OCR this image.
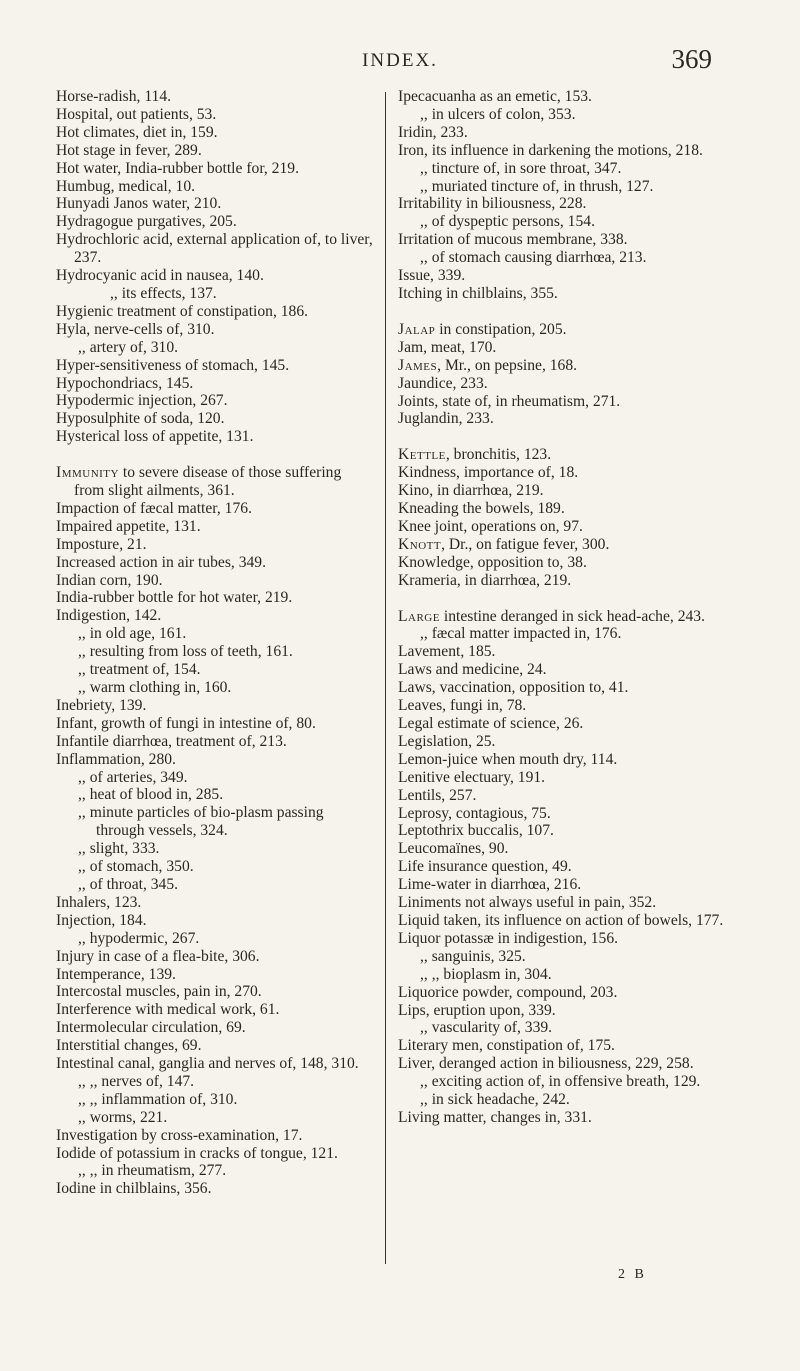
INDEX.	369
Horse-radish, 114.
Hospital, out patients, 53.
Hot climates, diet in, 159.
Hot stage in fever, 289.
Hot water, India-rubber bottle for, 219.
Humbug, medical, 10.
Hunyadi Janos water, 210.
Hydragogue purgatives, 205.
Hydrochloric acid, external application of, to liver, 237.
Hydrocyanic acid in nausea, 140.
,, its effects, 137.
Hygienic treatment of constipation, 186.
Hyla, nerve-cells of, 310.
,, artery of, 310.
Hyper-sensitiveness of stomach, 145.
Hypochondriacs, 145.
Hypodermic injection, 267.
Hyposulphite of soda, 120.
Hysterical loss of appetite, 131.
Immunity to severe disease of those suffering from slight ailments, 361.
Impaction of fæcal matter, 176.
Impaired appetite, 131.
Imposture, 21.
Increased action in air tubes, 349.
Indian corn, 190.
India-rubber bottle for hot water, 219.
Indigestion, 142.
,, in old age, 161.
,, resulting from loss of teeth, 161.
,, treatment of, 154.
,, warm clothing in, 160.
Inebriety, 139.
Infant, growth of fungi in intestine of, 80.
Infantile diarrhœa, treatment of, 213.
Inflammation, 280.
,, of arteries, 349.
,, heat of blood in, 285.
,, minute particles of bio-plasm passing through vessels, 324.
,, slight, 333.
,, of stomach, 350.
,, of throat, 345.
Inhalers, 123.
Injection, 184.
,, hypodermic, 267.
Injury in case of a flea-bite, 306.
Intemperance, 139.
Intercostal muscles, pain in, 270.
Interference with medical work, 61.
Intermolecular circulation, 69.
Interstitial changes, 69.
Intestinal canal, ganglia and nerves of, 148, 310.
,, ,, nerves of, 147.
,, ,, inflammation of, 310.
,, worms, 221.
Investigation by cross-examination, 17.
Iodide of potassium in cracks of tongue, 121.
,, ,, in rheumatism, 277.
Iodine in chilblains, 356.
Ipecacuanha as an emetic, 153.
,, in ulcers of colon, 353.
Iridin, 233.
Iron, its influence in darkening the motions, 218.
,, tincture of, in sore throat, 347.
,, muriated tincture of, in thrush, 127.
Irritability in biliousness, 228.
,, of dyspeptic persons, 154.
Irritation of mucous membrane, 338.
,, of stomach causing diarrhœa, 213.
Issue, 339.
Itching in chilblains, 355.
Jalap in constipation, 205.
Jam, meat, 170.
James, Mr., on pepsine, 168.
Jaundice, 233.
Joints, state of, in rheumatism, 271.
Juglandin, 233.
Kettle, bronchitis, 123.
Kindness, importance of, 18.
Kino, in diarrhœa, 219.
Kneading the bowels, 189.
Knee joint, operations on, 97.
Knott, Dr., on fatigue fever, 300.
Knowledge, opposition to, 38.
Krameria, in diarrhœa, 219.
Large intestine deranged in sick head-ache, 243.
,, fæcal matter impacted in, 176.
Lavement, 185.
Laws and medicine, 24.
Laws, vaccination, opposition to, 41.
Leaves, fungi in, 78.
Legal estimate of science, 26.
Legislation, 25.
Lemon-juice when mouth dry, 114.
Lenitive electuary, 191.
Lentils, 257.
Leprosy, contagious, 75.
Leptothrix buccalis, 107.
Leucomaïnes, 90.
Life insurance question, 49.
Lime-water in diarrhœa, 216.
Liniments not always useful in pain, 352.
Liquid taken, its influence on action of bowels, 177.
Liquor potassæ in indigestion, 156.
,, sanguinis, 325.
,, ,, bioplasm in, 304.
Liquorice powder, compound, 203.
Lips, eruption upon, 339.
,, vascularity of, 339.
Literary men, constipation of, 175.
Liver, deranged action in biliousness, 229, 258.
,, exciting action of, in offensive breath, 129.
,, in sick headache, 242.
Living matter, changes in, 331.
2 B
